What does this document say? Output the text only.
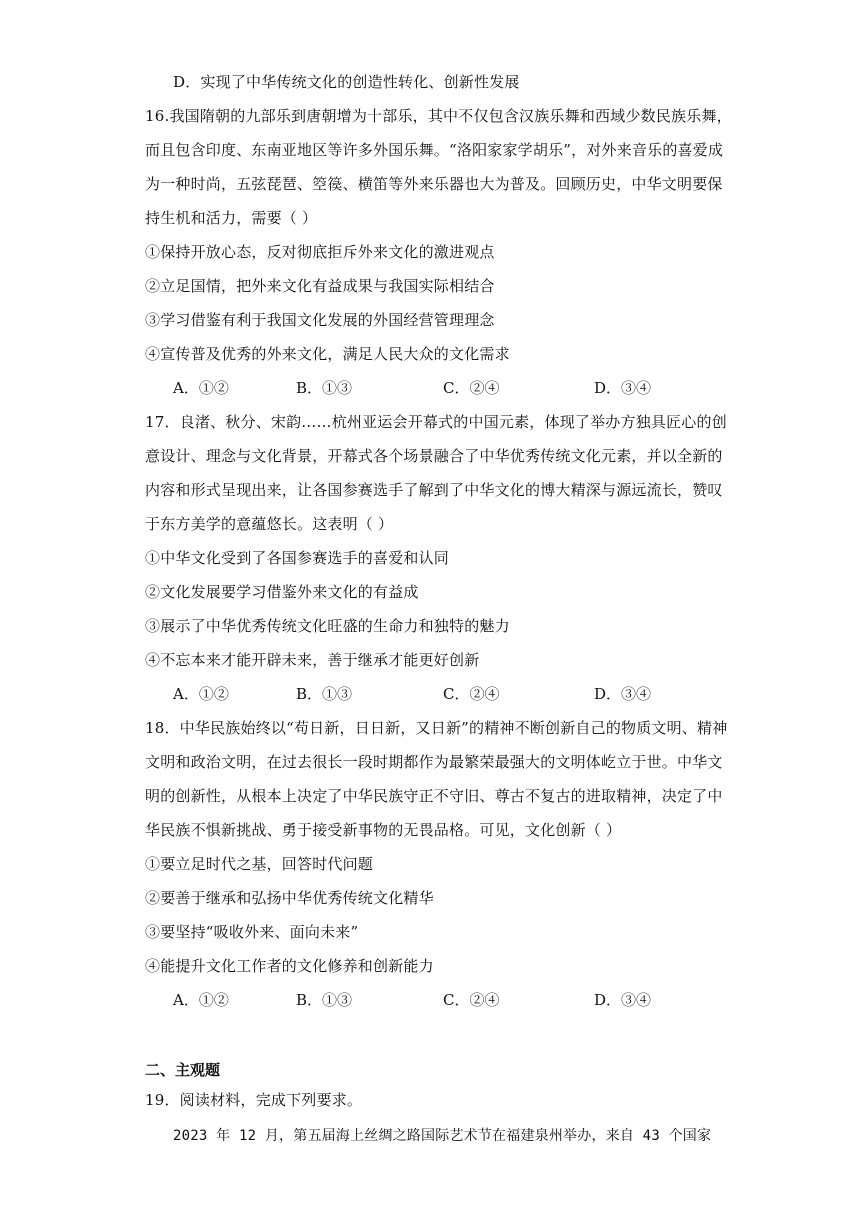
D．实现了中华传统文化的创造性转化、创新性发展
16.我国隋朝的九部乐到唐朝增为十部乐，其中不仅包含汉族乐舞和西域少数民族乐舞，
而且包含印度、东南亚地区等许多外国乐舞。“洛阳家家学胡乐”，对外来音乐的喜爱成
为一种时尚，五弦琵琶、箜篌、横笛等外来乐器也大为普及。回顾历史，中华文明要保
持生机和活力，需要（ ）
①保持开放心态，反对彻底拒斥外来文化的激进观点
②立足国情，把外来文化有益成果与我国实际相结合
③学习借鉴有利于我国文化发展的外国经营管理理念
④宣传普及优秀的外来文化，满足人民大众的文化需求
A．①②	B．①③	C．②④	D．③④
17．良渚、秋分、宋韵……杭州亚运会开幕式的中国元素，体现了举办方独具匠心的创
意设计、理念与文化背景，开幕式各个场景融合了中华优秀传统文化元素，并以全新的
内容和形式呈现出来，让各国参赛选手了解到了中华文化的博大精深与源远流长，赞叹
于东方美学的意蕴悠长。这表明（ ）
①中华文化受到了各国参赛选手的喜爱和认同
②文化发展要学习借鉴外来文化的有益成
③展示了中华优秀传统文化旺盛的生命力和独特的魅力
④不忘本来才能开辟未来，善于继承才能更好创新
A．①②	B．①③	C．②④	D．③④
18．中华民族始终以“苟日新，日日新，又日新”的精神不断创新自己的物质文明、精神
文明和政治文明，在过去很长一段时期都作为最繁荣最强大的文明体屹立于世。中华文
明的创新性，从根本上决定了中华民族守正不守旧、尊古不复古的进取精神，决定了中
华民族不惧新挑战、勇于接受新事物的无畏品格。可见，文化创新（ ）
①要立足时代之基，回答时代问题
②要善于继承和弘扬中华优秀传统文化精华
③要坚持“吸收外来、面向未来”
④能提升文化工作者的文化修养和创新能力
A．①②	B．①③	C．②④	D．③④
二、主观题
19．阅读材料，完成下列要求。
2023 年 12 月，第五届海上丝绸之路国际艺术节在福建泉州举办，来自 43 个国家
